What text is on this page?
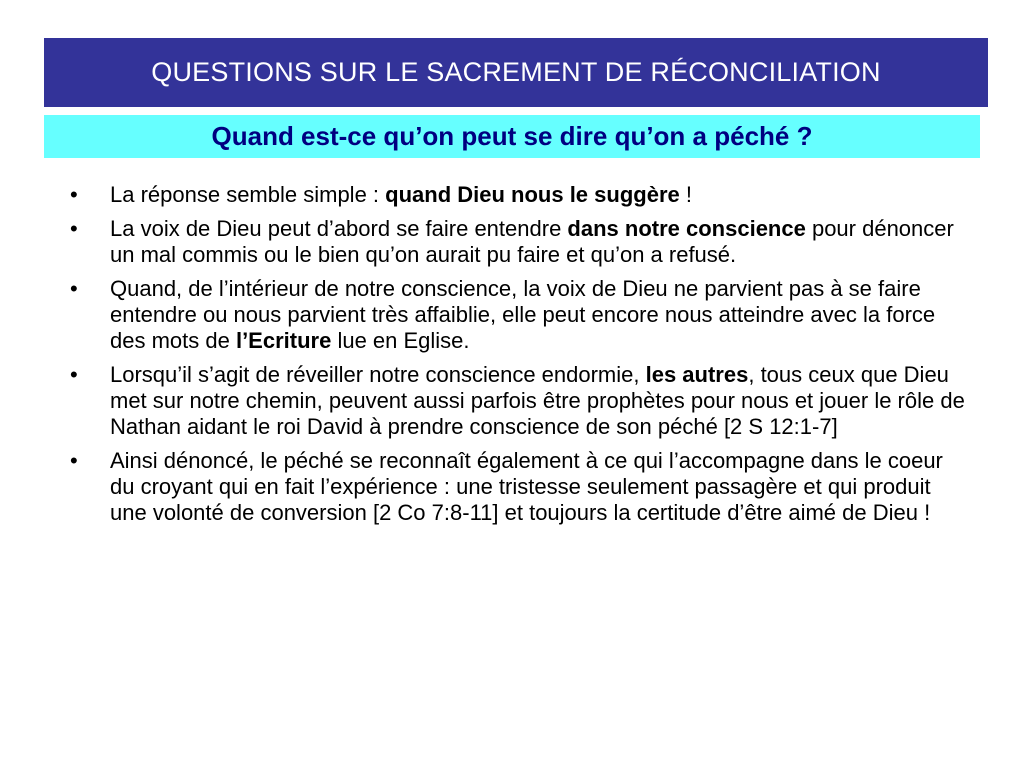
QUESTIONS SUR LE SACREMENT DE RÉCONCILIATION
Quand est-ce qu’on peut se dire qu’on a péché ?
• La réponse semble simple : quand Dieu nous le suggère !
• La voix de Dieu peut d’abord se faire entendre dans notre conscience pour dénoncer un mal commis ou le bien qu’on aurait pu faire et qu’on a refusé.
• Quand, de l’intérieur de notre conscience, la voix de Dieu ne parvient pas à se faire entendre ou nous parvient très affaiblie, elle peut encore nous atteindre avec la force des mots de l’Ecriture lue en Eglise.
• Lorsqu’il s’agit de réveiller notre conscience endormie, les autres, tous ceux que Dieu met sur notre chemin, peuvent aussi parfois être prophètes pour nous et jouer le rôle de Nathan aidant le roi David à prendre conscience de son péché [2 S 12:1-7]
• Ainsi dénoncé, le péché se reconnaît également à ce qui l’accompagne dans le coeur du croyant qui en fait l’expérience : une tristesse seulement passagère et qui produit une volonté de conversion [2 Co 7:8-11] et toujours la certitude d’être aimé de Dieu !
